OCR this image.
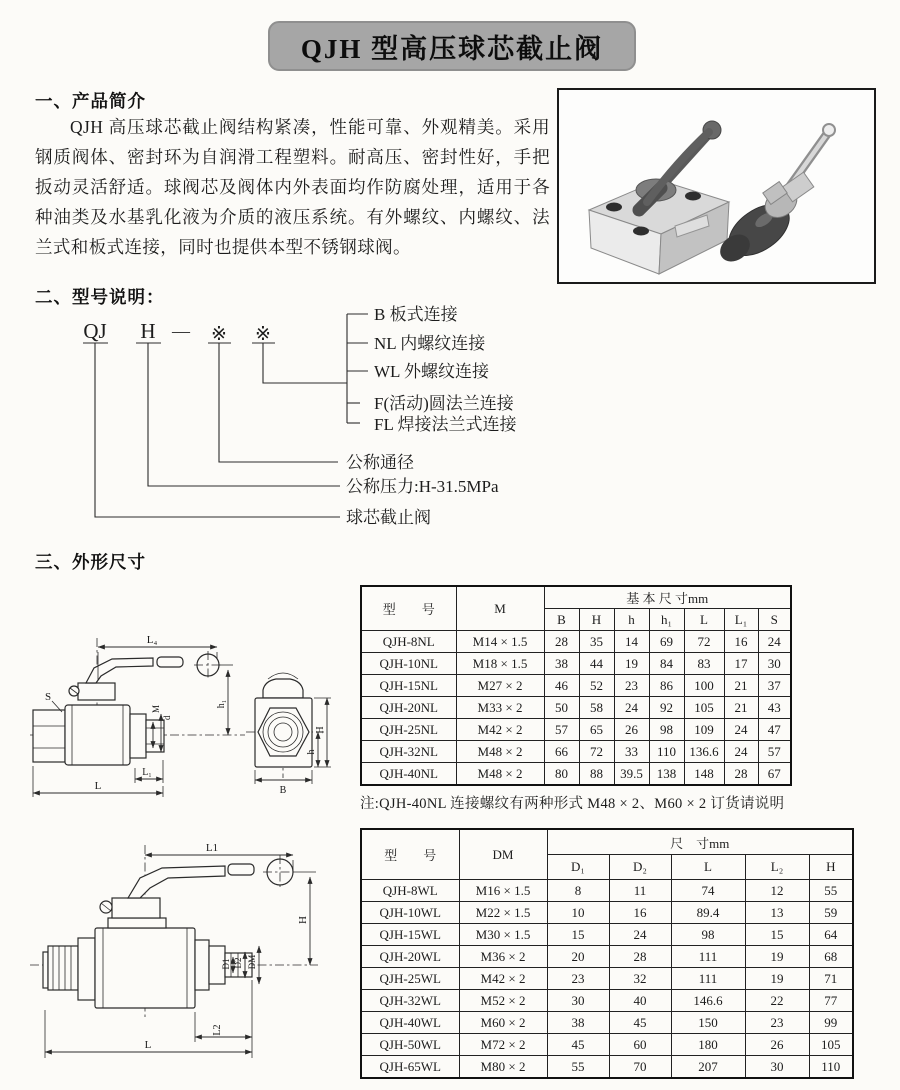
QJH 型高压球芯截止阀
一、产品简介
QJH 高压球芯截止阀结构紧凑，性能可靠、外观精美。采用钢质阀体、密封环为自润滑工程塑料。耐高压、密封性好，手把扳动灵活舒适。球阀芯及阀体内外表面均作防腐处理，适用于各种油类及水基乳化液为介质的液压系统。有外螺纹、内螺纹、法兰式和板式连接，同时也提供本型不锈钢球阀。
二、型号说明：
QJ H — ※ ※
B 板式连接
NL 内螺纹连接
WL 外螺纹连接
F(活动)圆法兰连接
FL 焊接法兰式连接
公称通径
公称压力:H-31.5MPa
球芯截止阀
三、外形尺寸
L₄
S
M
d
h₁
L₁
L
H
h
B
型　　号	M	基 本 尺 寸mm						
		B	H	h	h₁	L	L₁	S
QJH-8NL	M14 × 1.5	28	35	14	69	72	16	24
QJH-10NL	M18 × 1.5	38	44	19	84	83	17	30
QJH-15NL	M27 × 2	46	52	23	86	100	21	37
QJH-20NL	M33 × 2	50	58	24	92	105	21	43
QJH-25NL	M42 × 2	57	65	26	98	109	24	47
QJH-32NL	M48 × 2	66	72	33	110	136.6	24	57
QJH-40NL	M48 × 2	80	88	39.5	138	148	28	67
注:QJH-40NL 连接螺纹有两种形式 M48 × 2、M60 × 2 订货请说明
L1
H
D1 D2 DM
L2
L
型　　号	DM	尺　寸mm				
		D₁	D₂	L	L₂	H
QJH-8WL	M16 × 1.5	8	11	74	12	55
QJH-10WL	M22 × 1.5	10	16	89.4	13	59
QJH-15WL	M30 × 1.5	15	24	98	15	64
QJH-20WL	M36 × 2	20	28	111	19	68
QJH-25WL	M42 × 2	23	32	111	19	71
QJH-32WL	M52 × 2	30	40	146.6	22	77
QJH-40WL	M60 × 2	38	45	150	23	99
QJH-50WL	M72 × 2	45	60	180	26	105
QJH-65WL	M80 × 2	55	70	207	30	110
